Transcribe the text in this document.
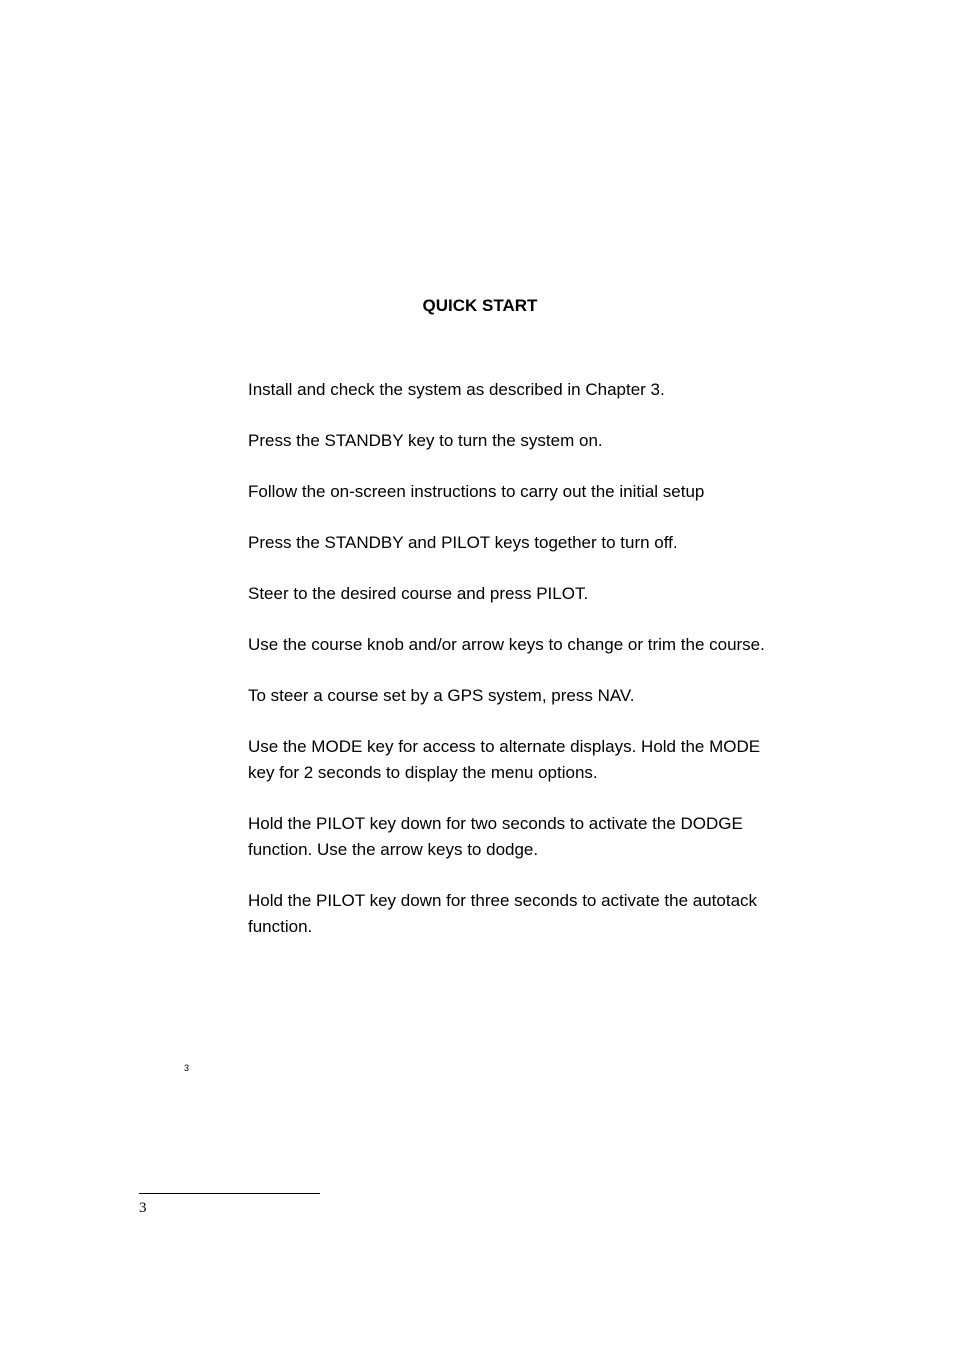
QUICK START
Install and check the system as described in Chapter 3.
Press the STANDBY key to turn the system on.
Follow the on-screen instructions to carry out the initial setup
Press the STANDBY and PILOT keys together to turn off.
Steer to the desired course and press PILOT.
Use the course knob and/or arrow keys to change or trim the course.
To steer a course set by a GPS system, press NAV.
Use the MODE key for access to alternate displays. Hold the MODE key for 2 seconds to display the menu options.
Hold the PILOT key down for two seconds to activate the DODGE function. Use the arrow keys to dodge.
Hold the PILOT key down for three seconds to activate the autotack function.
3
3
